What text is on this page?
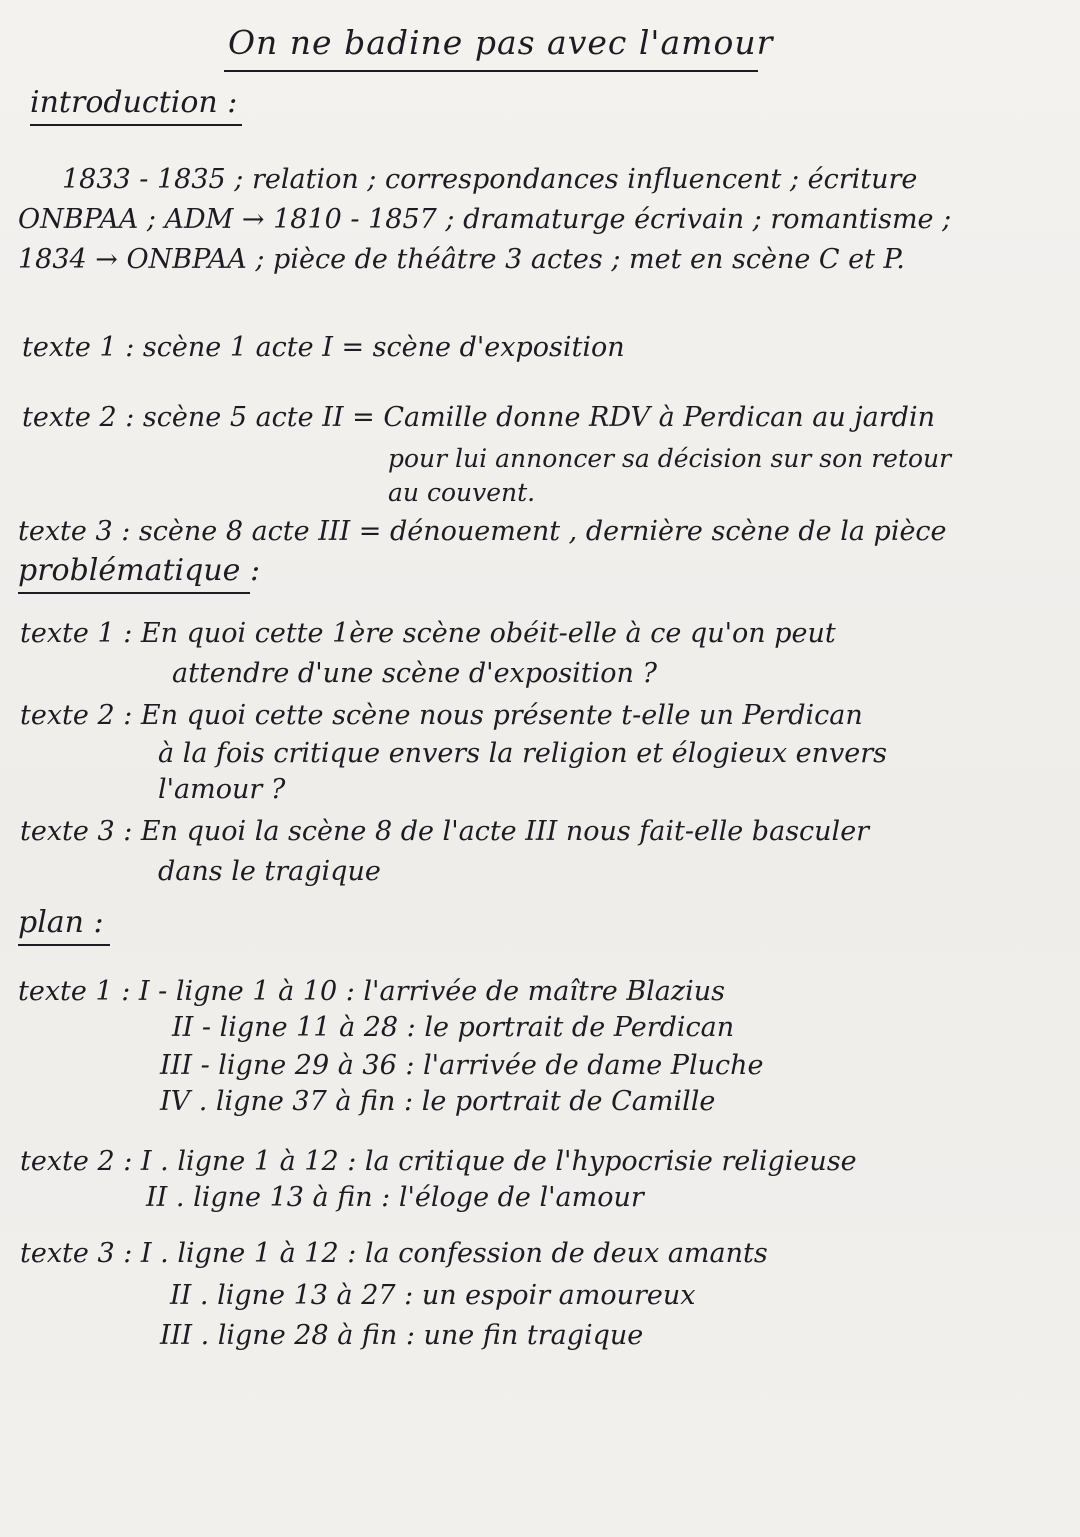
On ne badine pas avec l'amour
introduction :
1833 - 1835 ; relation ; correspondances influencent ; écriture
ONBPAA ; ADM → 1810 - 1857 ; dramaturge écrivain ; romantisme ;
1834 → ONBPAA ; pièce de théâtre 3 actes ; met en scène C et P.
texte 1 : scène 1 acte I = scène d'exposition
texte 2 : scène 5 acte II = Camille donne RDV à Perdican au jardin
pour lui annoncer sa décision sur son retour
au couvent.
texte 3 : scène 8 acte III = dénouement , dernière scène de la pièce
problématique :
texte 1 : En quoi cette 1ère scène obéit-elle à ce qu'on peut
attendre d'une scène d'exposition ?
texte 2 : En quoi cette scène nous présente t-elle un Perdican
à la fois critique envers la religion et élogieux envers
l'amour ?
texte 3 : En quoi la scène 8 de l'acte III nous fait-elle basculer
dans le tragique
plan :
texte 1 : I - ligne 1 à 10 : l'arrivée de maître Blazius
II - ligne 11 à 28 : le portrait de Perdican
III - ligne 29 à 36 : l'arrivée de dame Pluche
IV . ligne 37 à fin : le portrait de Camille
texte 2 : I . ligne 1 à 12 : la critique de l'hypocrisie religieuse
II . ligne 13 à fin : l'éloge de l'amour
texte 3 : I . ligne 1 à 12 : la confession de deux amants
II . ligne 13 à 27 : un espoir amoureux
III . ligne 28 à fin : une fin tragique
